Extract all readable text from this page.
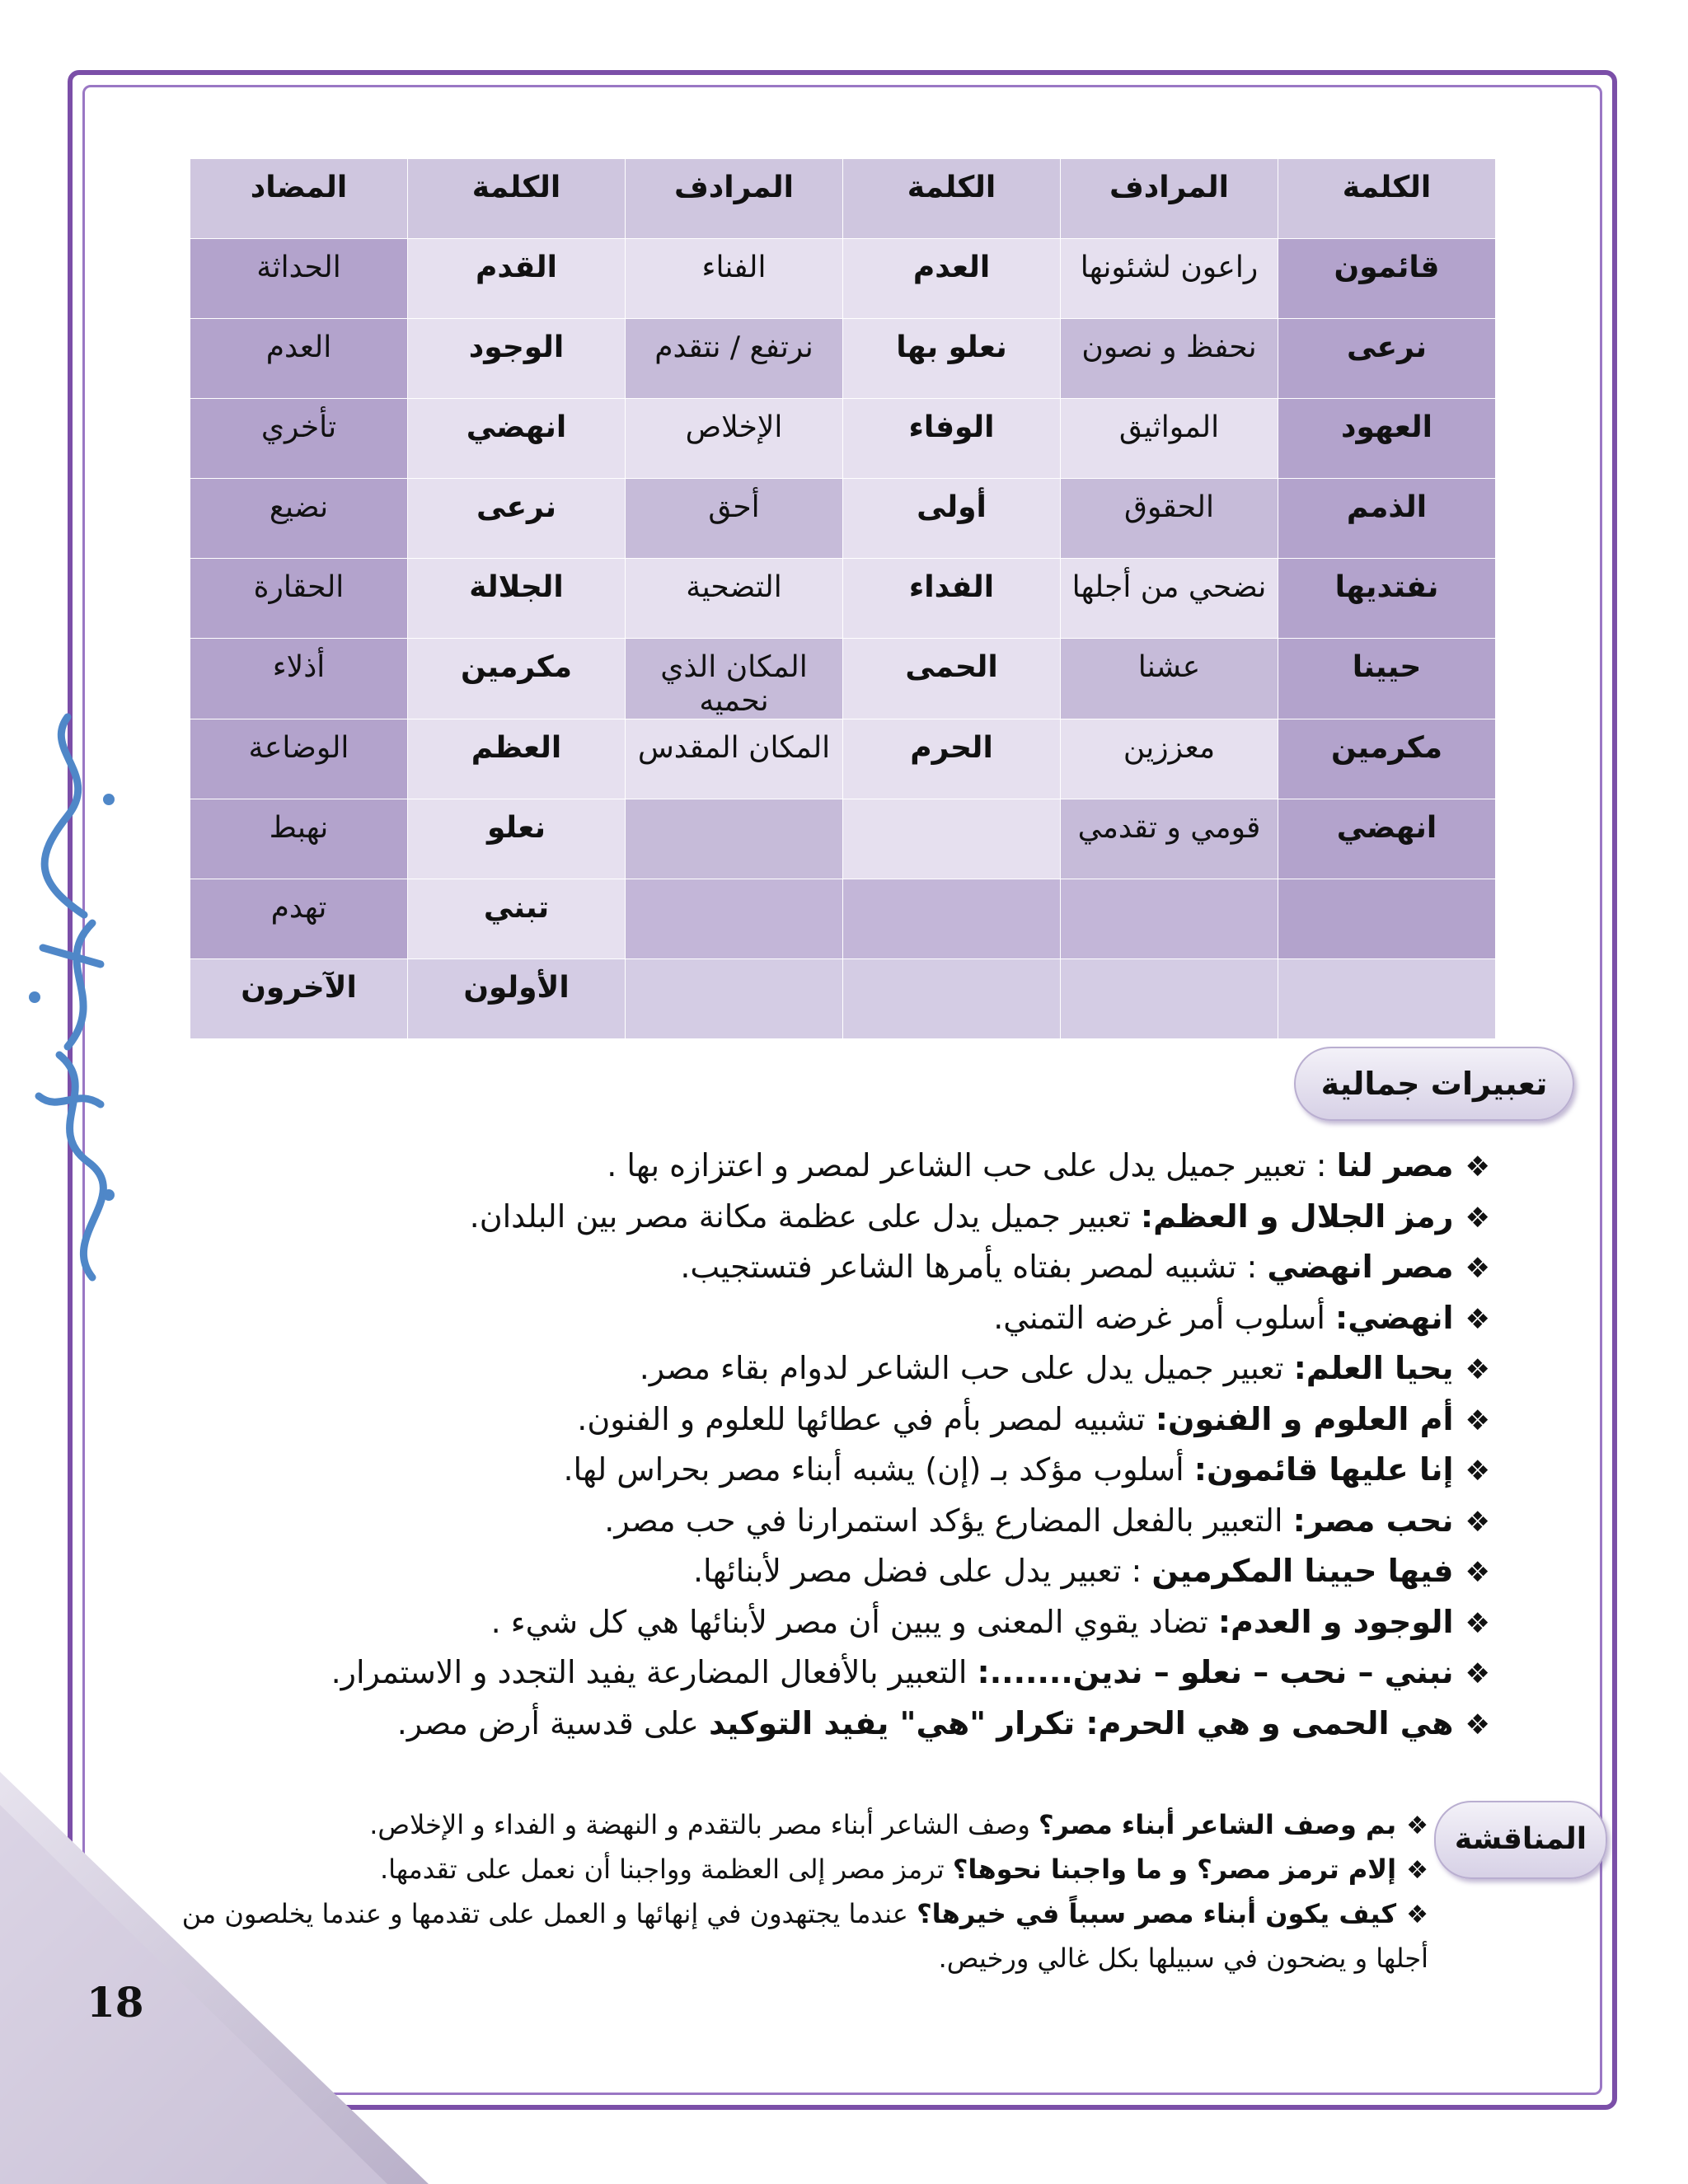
الكلمة	المرادف	الكلمة	المرادف	الكلمة	المضاد
قائمون	راعون لشئونها	العدم	الفناء	القدم	الحداثة
نرعى	نحفظ و نصون	نعلو بها	نرتفع / نتقدم	الوجود	العدم
العهود	المواثيق	الوفاء	الإخلاص	انهضي	تأخري
الذمم	الحقوق	أولى	أحق	نرعى	نضيع
نفتديها	نضحي من أجلها	الفداء	التضحية	الجلالة	الحقارة
حيينا	عشنا	الحمى	المكان الذي نحميه	مكرمين	أذلاء
مكرمين	معززين	الحرم	المكان المقدس	العظم	الوضاعة
انهضي	قومي و تقدمي			نعلو	نهبط
				تبني	تهدم
				الأولون	الآخرون
تعبيرات جمالية
❖مصر لنا : تعبير جميل يدل على حب الشاعر لمصر و اعتزازه بها .
❖رمز الجلال و العظم: تعبير جميل يدل على عظمة مكانة مصر بين البلدان.
❖مصر انهضي : تشبيه لمصر بفتاه يأمرها الشاعر فتستجيب.
❖انهضي: أسلوب أمر غرضه التمني.
❖يحيا العلم: تعبير جميل يدل على حب الشاعر لدوام بقاء مصر.
❖أم العلوم و الفنون: تشبيه لمصر بأم في عطائها للعلوم و الفنون.
❖إنا عليها قائمون: أسلوب مؤكد بـ (إن) يشبه أبناء مصر بحراس لها.
❖نحب مصر: التعبير بالفعل المضارع يؤكد استمرارنا في حب مصر.
❖فيها حيينا المكرمين : تعبير يدل على فضل مصر لأبنائها.
❖الوجود و العدم: تضاد يقوي المعنى و يبين أن مصر لأبنائها هي كل شيء .
❖نبني – نحب – نعلو – ندين.......: التعبير بالأفعال المضارعة يفيد التجدد و الاستمرار.
❖هي الحمى و هي الحرم: تكرار "هي" يفيد التوكيد على قدسية أرض مصر.
المناقشة
❖بم وصف الشاعر أبناء مصر؟ وصف الشاعر أبناء مصر بالتقدم و النهضة و الفداء و الإخلاص.
❖إلام ترمز مصر؟ و ما واجبنا نحوها؟ ترمز مصر إلى العظمة وواجبنا أن نعمل على تقدمها.
❖كيف يكون أبناء مصر سبباً في خيرها؟ عندما يجتهدون في إنهائها و العمل على تقدمها و عندما يخلصون من أجلها و يضحون في سبيلها بكل غالي ورخيص.
18
